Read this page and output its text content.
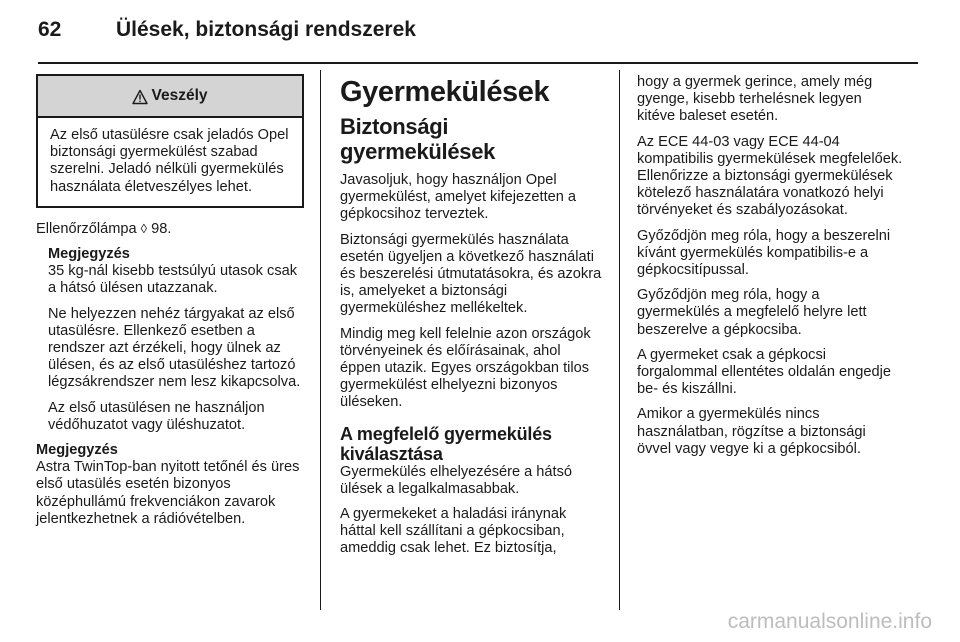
62	Ülések, biztonsági rendszerek
Veszély
Az első utasülésre csak jeladós Opel biztonsági gyermekülést szabad szerelni. Jeladó nélküli gyermekülés használata életveszélyes lehet.
Ellenőrzőlámpa ◊ 98.
Megjegyzés
35 kg-nál kisebb testsúlyú utasok csak a hátsó ülésen utazzanak.
Ne helyezzen nehéz tárgyakat az első utasülésre. Ellenkező esetben a rendszer azt érzékeli, hogy ülnek az ülésen, és az első utasüléshez tartozó légzsákrendszer nem lesz kikapcsolva.
Az első utasülésen ne használjon védőhuzatot vagy üléshuzatot.
Megjegyzés
Astra TwinTop-ban nyitott tetőnél és üres első utasülés esetén bizonyos középhullámú frekvenciákon zavarok jelentkezhetnek a rádióvételben.
Gyermekülések
Biztonsági gyermekülések
Javasoljuk, hogy használjon Opel gyermekülést, amelyet kifejezetten a gépkocsihoz terveztek.
Biztonsági gyermekülés használata esetén ügyeljen a következő használati és beszerelési útmutatásokra, és azokra is, amelyeket a biztonsági gyermeküléshez mellékeltek.
Mindig meg kell felelnie azon országok törvényeinek és előírásainak, ahol éppen utazik. Egyes országokban tilos gyermekülést elhelyezni bizonyos üléseken.
A megfelelő gyermekülés kiválasztása
Gyermekülés elhelyezésére a hátsó ülések a legalkalmasabbak.
A gyermekeket a haladási iránynak háttal kell szállítani a gépkocsiban, ameddig csak lehet. Ez biztosítja,
hogy a gyermek gerince, amely még gyenge, kisebb terhelésnek legyen kitéve baleset esetén.
Az ECE 44-03 vagy ECE 44-04 kompatibilis gyermekülések megfelelőek. Ellenőrizze a biztonsági gyermekülések kötelező használatára vonatkozó helyi törvényeket és szabályozásokat.
Győződjön meg róla, hogy a beszerelni kívánt gyermekülés kompatibilis-e a gépkocsitípussal.
Győződjön meg róla, hogy a gyermekülés a megfelelő helyre lett beszerelve a gépkocsiba.
A gyermeket csak a gépkocsi forgalommal ellentétes oldalán engedje be- és kiszállni.
Amikor a gyermekülés nincs használatban, rögzítse a biztonsági övvel vagy vegye ki a gépkocsiból.
carmanualsonline.info
